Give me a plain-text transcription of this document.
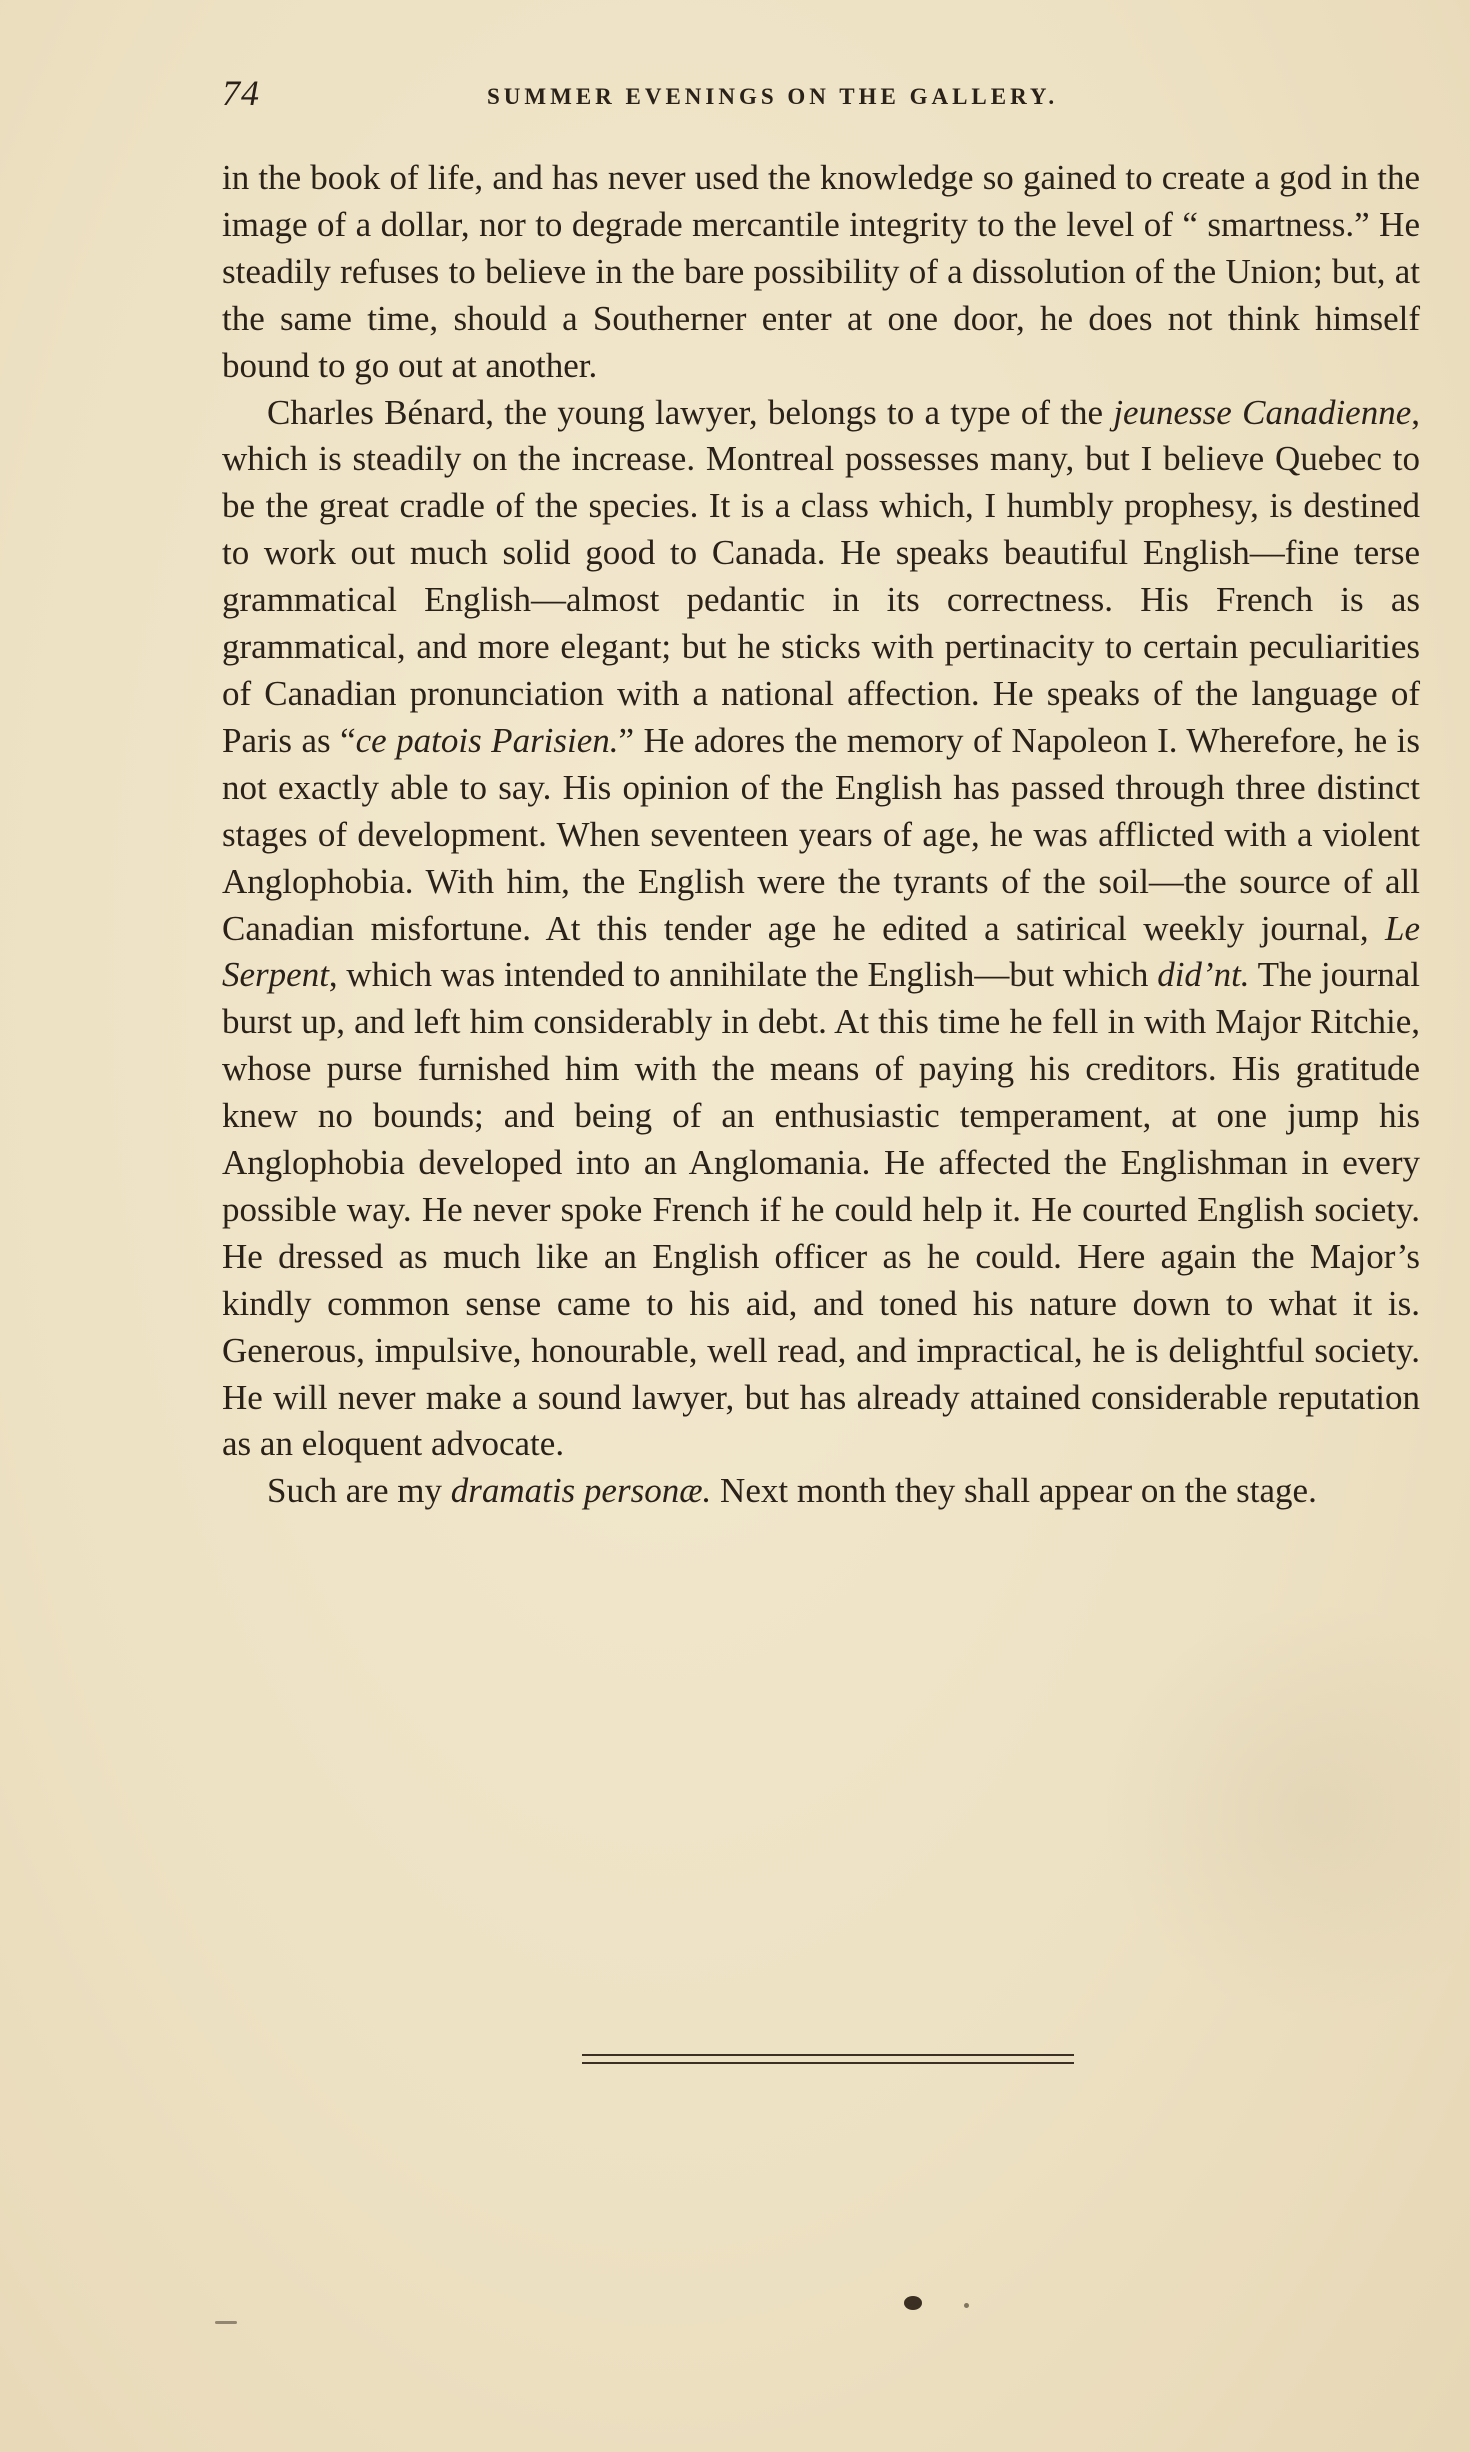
74	SUMMER EVENINGS ON THE GALLERY.

in the book of life, and has never used the knowledge so gained to create a god in the image of a dollar, nor to degrade mercantile integrity to the level of “ smartness.” He steadily refuses to believe in the bare possibility of a dissolution of the Union; but, at the same time, should a Southerner enter at one door, he does not think himself bound to go out at another.

Charles Bénard, the young lawyer, belongs to a type of the jeunesse Canadienne, which is steadily on the increase. Montreal possesses many, but I believe Quebec to be the great cradle of the species. It is a class which, I humbly prophesy, is destined to work out much solid good to Canada. He speaks beautiful English—fine terse grammatical English—almost pedantic in its correctness. His French is as grammatical, and more elegant; but he sticks with pertinacity to certain peculiarities of Canadian pronunciation with a national affection. He speaks of the language of Paris as “ce patois Parisien.” He adores the memory of Napoleon I. Wherefore, he is not exactly able to say. His opinion of the English has passed through three distinct stages of development. When seventeen years of age, he was afflicted with a violent Anglophobia. With him, the English were the tyrants of the soil—the source of all Canadian misfortune. At this tender age he edited a satirical weekly journal, Le Serpent, which was intended to annihilate the English—but which did’nt. The journal burst up, and left him considerably in debt. At this time he fell in with Major Ritchie, whose purse furnished him with the means of paying his creditors. His gratitude knew no bounds; and being of an enthusiastic temperament, at one jump his Anglophobia developed into an Anglomania. He affected the Englishman in every possible way. He never spoke French if he could help it. He courted English society. He dressed as much like an English officer as he could. Here again the Major’s kindly common sense came to his aid, and toned his nature down to what it is. Generous, impulsive, honourable, well read, and impractical, he is delightful society. He will never make a sound lawyer, but has already attained considerable reputation as an eloquent advocate.

Such are my dramatis personæ. Next month they shall appear on the stage.
